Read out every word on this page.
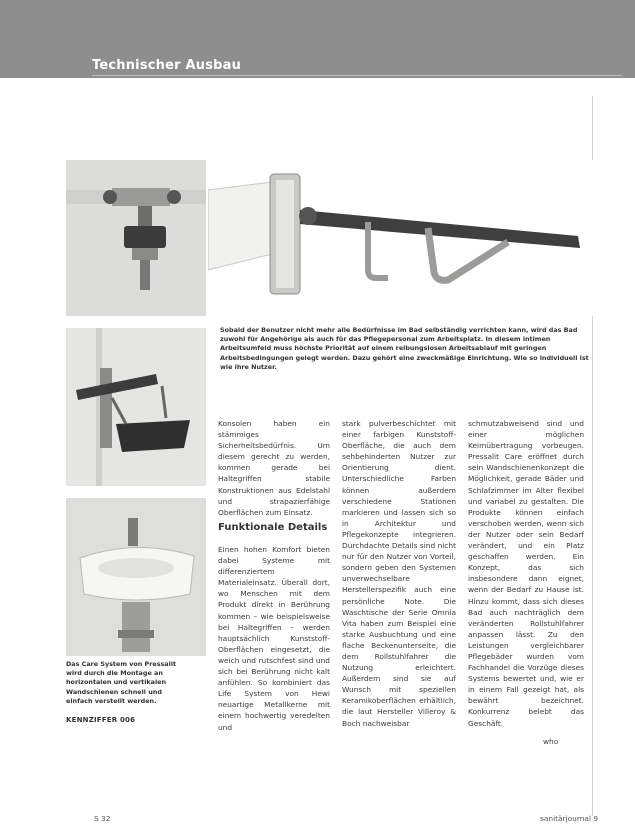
Technischer Ausbau
Sobald der Benutzer nicht mehr alle Bedürfnisse im Bad selbständig verrichten kann, wird das Bad zuwohl für Angehörige als auch für das Pflegepersonal zum Arbeitsplatz. In diesem intimen Arbeitsumfeld muss höchste Priorität auf einem reibungslosen Arbeitsablauf mit geringen Arbeitsbedingungen gelegt werden. Dazu gehört eine zweckmäßige Einrichtung. Wie so individuell ist wie ihre Nutzer.
Das Care System von Pressalit wird durch die Montage an horizontalen und vertikalen Wandschienen schnell und einfach verstellt werden.
KENNZIFFER 006
Konsolen haben ein stämmiges Sicherheitsbedürfnis. Um diesem gerecht zu werden, kommen gerade bei Haltegriffen stabile Konstruktionen aus Edelstahl und strapazierfähige Oberflächen zum Einsatz.
Funktionale Details
Einen hohen Komfort bieten dabei Systeme mit differenziertem Materialeinsatz. Überall dort, wo Menschen mit dem Produkt direkt in Berührung kommen – wie beispielsweise bei Haltegriffen – werden hauptsächlich Kunststoff-Oberflächen eingesetzt, die weich und rutschfest sind und sich bei Berührung nicht kalt anfühlen. So kombiniert das Life System von Hewi neuartige Metallkerne mit einem hochwertig veredelten und
stark pulverbeschichtet mit einer farbigen Kunststoff-Oberfläche, die auch dem sehbehinderten Nutzer zur Orientierung dient. Unterschiedliche Farben können außerdem verschiedene Stationen markieren und lassen sich so in Architektur und Pflegekonzepte integrieren. Durchdachte Details sind nicht nur für den Nutzer von Vorteil, sondern geben den Systemen unverwechselbare Herstellerspezifik auch eine persönliche Note. Die Waschtische der Serie Omnia Vita haben zum Beispiel eine starke Ausbuchtung und eine flache Beckenunterseite, die dem Rollstuhlfahrer die Nutzung erleichtert. Außerdem sind sie auf Wunsch mit speziellen Keramikoberflächen erhältlich, die laut Hersteller Villeroy & Boch nachweisbar
schmutzabweisend sind und einer möglichen Keimübertragung vorbeugen. Pressalit Care eröffnet durch sein Wandschienenkonzept die Möglichkeit, gerade Bäder und Schlafzimmer im Alter flexibel und variabel zu gestalten. Die Produkte können einfach verschoben werden, wenn sich der Nutzer oder sein Bedarf verändert, und ein Platz geschaffen werden. Ein Konzept, das sich insbesondere dann eignet, wenn der Bedarf zu Hause ist. Hinzu kommt, dass sich dieses Bad auch nachträglich dem veränderten Rollstuhlfahrer anpassen lässt. Zu den Leistungen vergleichbarer Pflegebäder wurden vom Fachhandel die Vorzüge dieses Systems bewertet und, wie er in einem Fall gezeigt hat, als bewährt bezeichnet. Konkurrenz belebt das Geschäft.
who
S 32	sanitärjournal 9
